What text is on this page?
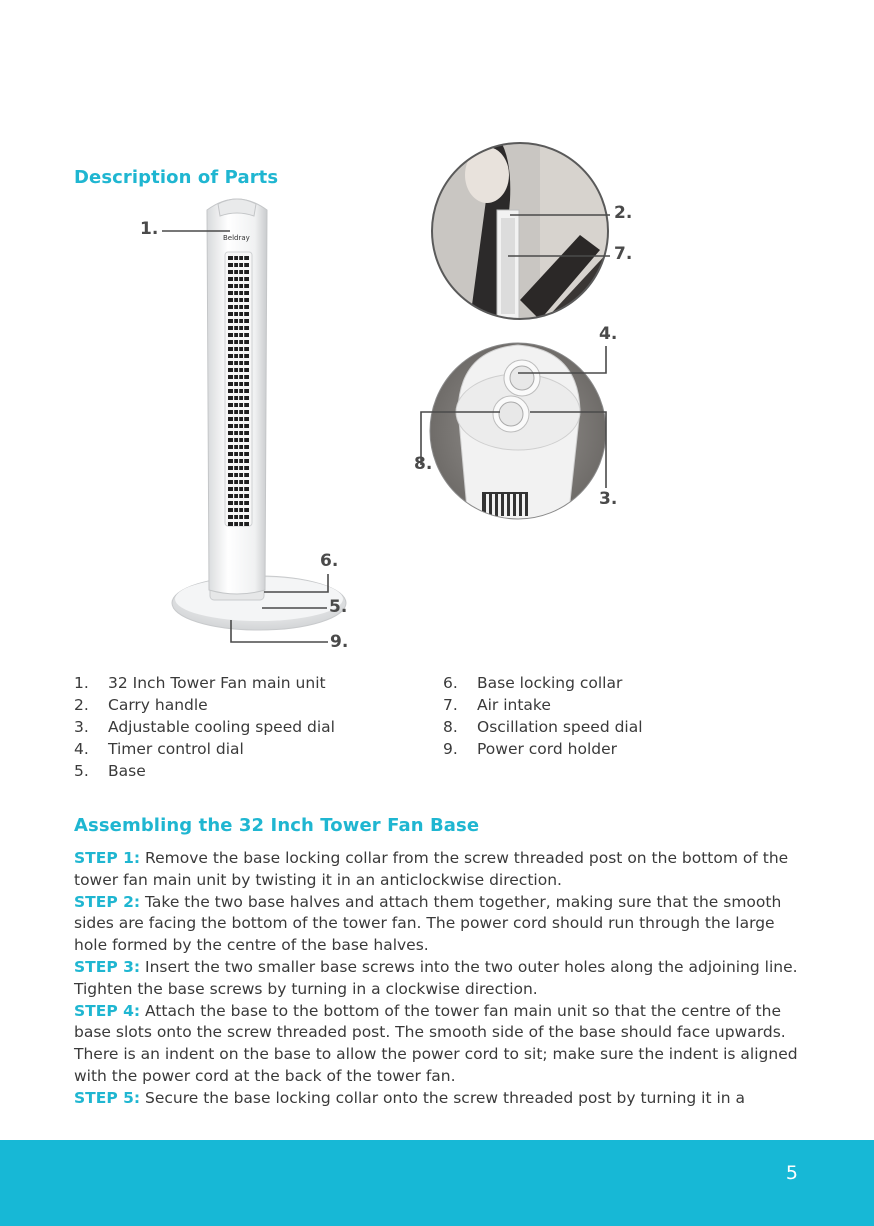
Description of Parts
Beldray
1.
2.
7.
4.
8.
3.
6.
5.
9.
1. 32 Inch Tower Fan main unit
2. Carry handle
3. Adjustable cooling speed dial
4. Timer control dial
5. Base
6. Base locking collar
7. Air intake
8. Oscillation speed dial
9. Power cord holder
Assembling the 32 Inch Tower Fan Base

STEP 1: Remove the base locking collar from the screw threaded post on the bottom of the tower fan main unit by twisting it in an anticlockwise direction.

STEP 2: Take the two base halves and attach them together, making sure that the smooth sides are facing the bottom of the tower fan. The power cord should run through the large hole formed by the centre of the base halves.

STEP 3: Insert the two smaller base screws into the two outer holes along the adjoining line. Tighten the base screws by turning in a clockwise direction.

STEP 4: Attach the base to the bottom of the tower fan main unit so that the centre of the base slots onto the screw threaded post. The smooth side of the base should face upwards. There is an indent on the base to allow the power cord to sit; make sure the indent is aligned with the power cord at the back of the tower fan.

STEP 5: Secure the base locking collar onto the screw threaded post by turning it in a

5
